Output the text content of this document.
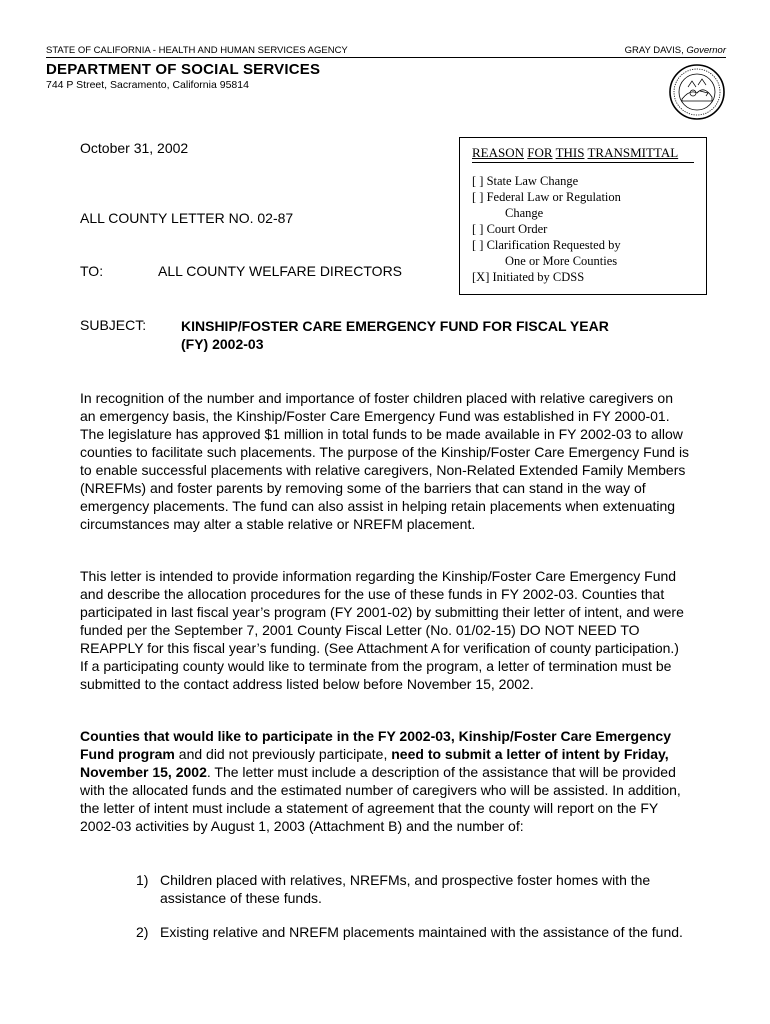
STATE OF CALIFORNIA - HEALTH AND HUMAN SERVICES AGENCY	GRAY DAVIS, Governor
DEPARTMENT OF SOCIAL SERVICES
744 P Street, Sacramento, California 95814
October 31, 2002
ALL COUNTY LETTER NO. 02-87
TO:	ALL COUNTY WELFARE DIRECTORS
REASON FOR THIS TRANSMITTAL
[ ] State Law Change
[ ] Federal Law or Regulation
Change
[ ] Court Order
[ ] Clarification Requested by
One or More Counties
[X] Initiated by CDSS
SUBJECT: KINSHIP/FOSTER CARE EMERGENCY FUND FOR FISCAL YEAR
(FY) 2002-03
In recognition of the number and importance of foster children placed with relative caregivers on an emergency basis, the Kinship/Foster Care Emergency Fund was established in FY 2000-01. The legislature has approved $1 million in total funds to be made available in FY 2002-03 to allow counties to facilitate such placements. The purpose of the Kinship/Foster Care Emergency Fund is to enable successful placements with relative caregivers, Non-Related Extended Family Members (NREFMs) and foster parents by removing some of the barriers that can stand in the way of emergency placements. The fund can also assist in helping retain placements when extenuating circumstances may alter a stable relative or NREFM placement.
This letter is intended to provide information regarding the Kinship/Foster Care Emergency Fund and describe the allocation procedures for the use of these funds in FY 2002-03. Counties that participated in last fiscal year’s program (FY 2001-02) by submitting their letter of intent, and were funded per the September 7, 2001 County Fiscal Letter (No. 01/02-15) DO NOT NEED TO REAPPLY for this fiscal year’s funding. (See Attachment A for verification of county participation.) If a participating county would like to terminate from the program, a letter of termination must be submitted to the contact address listed below before November 15, 2002.
Counties that would like to participate in the FY 2002-03, Kinship/Foster Care Emergency Fund program and did not previously participate, need to submit a letter of intent by Friday, November 15, 2002. The letter must include a description of the assistance that will be provided with the allocated funds and the estimated number of caregivers who will be assisted. In addition, the letter of intent must include a statement of agreement that the county will report on the FY 2002-03 activities by August 1, 2003 (Attachment B) and the number of:
1) Children placed with relatives, NREFMs, and prospective foster homes with the
assistance of these funds.
2) Existing relative and NREFM placements maintained with the assistance of the fund.
